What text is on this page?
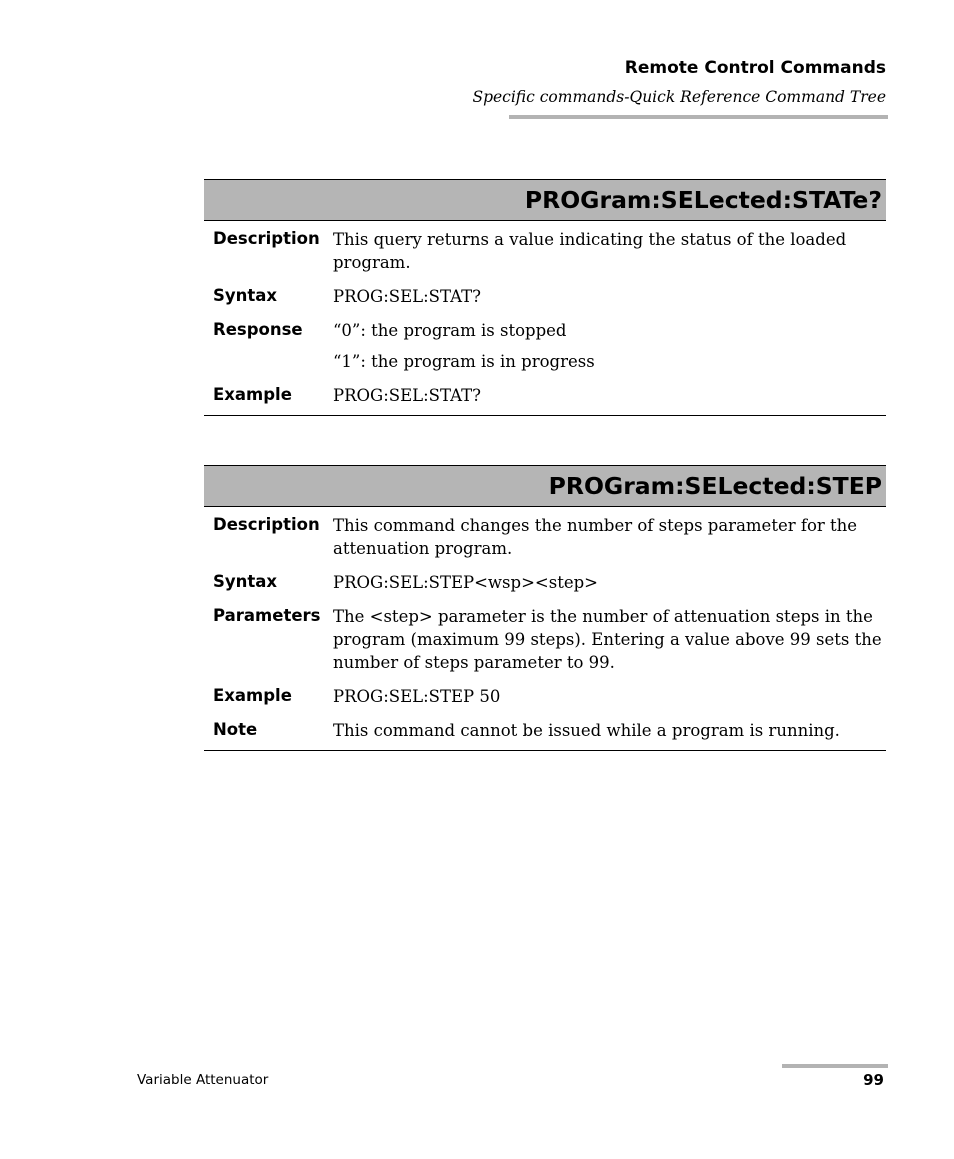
Remote Control Commands
Specific commands-Quick Reference Command Tree
PROGram:SELected:STATe?
Description This query returns a value indicating the status of the loaded program.

Syntax	PROG:SEL:STAT?

Response	“0”: the program is stopped

“1”: the program is in progress

Example	PROG:SEL:STAT?

PROGram:SELected:STEP
Description This command changes the number of steps parameter for the attenuation program.

Syntax	PROG:SEL:STEP<wsp><step>

Parameters The <step> parameter is the number of attenuation steps in the program (maximum 99 steps). Entering a value above 99 sets the number of steps parameter to 99.

Example	PROG:SEL:STEP 50

Note	This command cannot be issued while a program is running.

Variable Attenuator	99
